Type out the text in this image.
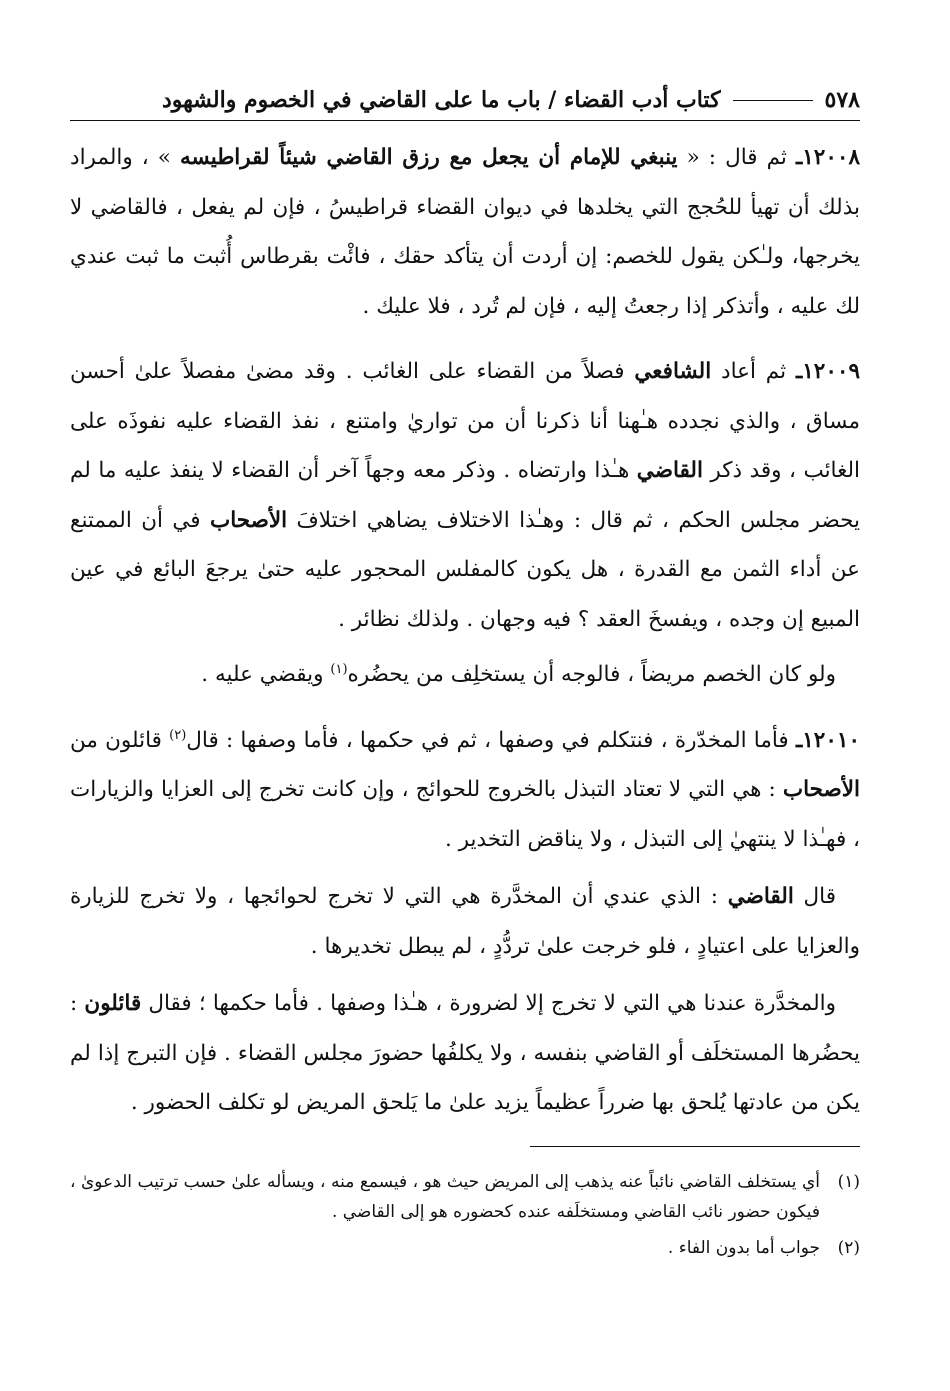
٥٧٨
كتاب أدب القضاء / باب ما على القاضي في الخصوم والشهود

١٢٠٠٨ـ ثم قال : « ينبغي للإمام أن يجعل مع رزق القاضي شيئاً لقراطيسه » ، والمراد بذلك أن تهيأ للحُجج التي يخلدها في ديوان القضاء قراطيسُ ، فإن لم يفعل ، فالقاضي لا يخرجها، ولـٰكن يقول للخصم: إن أردت أن يتأكد حقك ، فائْت بقرطاس أُثبت ما ثبت عندي لك عليه ، وأتذكر إذا رجعتُ إليه ، فإن لم تُرد ، فلا عليك .

١٢٠٠٩ـ ثم أعاد الشافعي فصلاً من القضاء على الغائب . وقد مضىٰ مفصلاً علىٰ أحسن مساق ، والذي نجدده هـٰهنا أنا ذكرنا أن من تواريٰ وامتنع ، نفذ القضاء عليه نفوذَه على الغائب ، وقد ذكر القاضي هـٰذا وارتضاه . وذكر معه وجهاً آخر أن القضاء لا ينفذ عليه ما لم يحضر مجلس الحكم ، ثم قال : وهـٰذا الاختلاف يضاهي اختلافَ الأصحاب في أن الممتنع عن أداء الثمن مع القدرة ، هل يكون كالمفلس المحجور عليه حتىٰ يرجعَ البائع في عين المبيع إن وجده ، ويفسخَ العقد ؟ فيه وجهان . ولذلك نظائر .

ولو كان الخصم مريضاً ، فالوجه أن يستخلِف من يحضُره$^{(١)}$ ويقضي عليه .

١٢٠١٠ـ فأما المخدّرة ، فنتكلم في وصفها ، ثم في حكمها ، فأما وصفها : قال$^{(٢)}$ قائلون من الأصحاب : هي التي لا تعتاد التبذل بالخروج للحوائج ، وإن كانت تخرج إلى العزايا والزيارات ، فهـٰذا لا ينتهيٰ إلى التبذل ، ولا يناقض التخدير .

قال القاضي : الذي عندي أن المخدَّرة هي التي لا تخرج لحوائجها ، ولا تخرج للزيارة والعزايا على اعتيادٍ ، فلو خرجت علىٰ تردُّدٍ ، لم يبطل تخديرها .

والمخدَّرة عندنا هي التي لا تخرج إلا لضرورة ، هـٰذا وصفها . فأما حكمها ؛ فقال قائلون : يحضُرها المستخلَف أو القاضي بنفسه ، ولا يكلفُها حضورَ مجلس القضاء . فإن التبرج إذا لم يكن من عادتها يُلحق بها ضرراً عظيماً يزيد علىٰ ما يَلحق المريض لو تكلف الحضور .

(١)
أي يستخلف القاضي نائباً عنه يذهب إلى المريض حيث هو ، فيسمع منه ، ويسأله علىٰ حسب ترتيب الدعوىٰ ، فيكون حضور نائب القاضي ومستخلَفه عنده كحضوره هو إلى القاضي .
(٢)
جواب أما بدون الفاء .
